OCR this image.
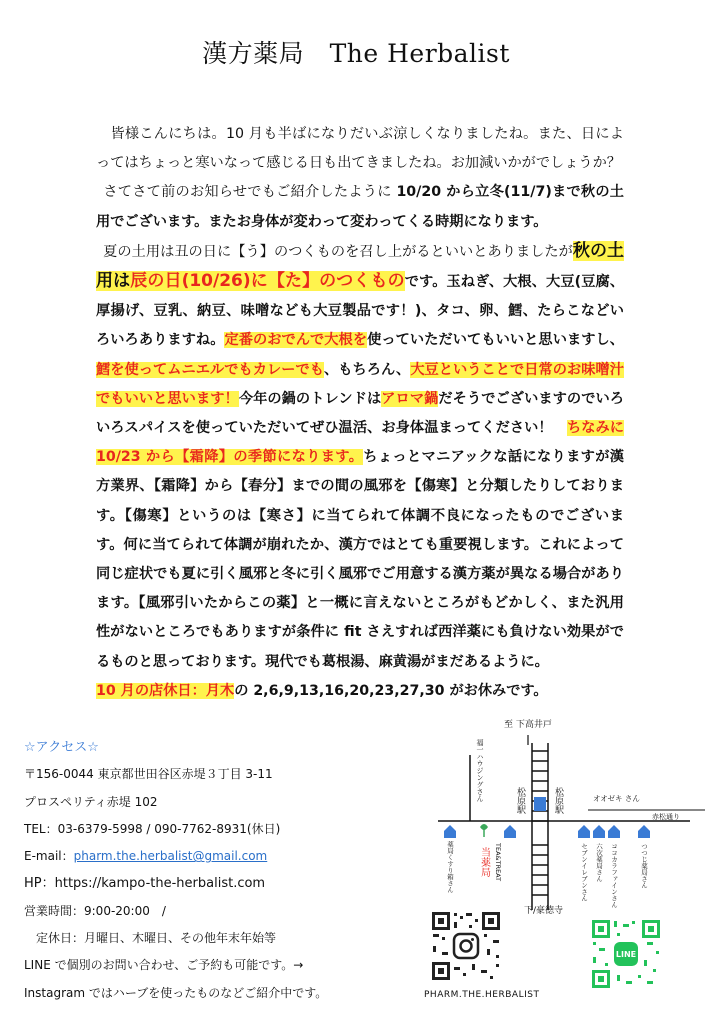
漢方薬局　The Herbalist

 皆様こんにちは。10 月も半ばになりだいぶ涼しくなりましたね。また、日によってはちょっと寒いなって感じる日も出てきましたね。お加減いかがでしょうか？

 さてさて前のお知らせでもご紹介したように 10/20 から立冬(11/7)まで秋の土用でございます。またお身体が変わって変わってくる時期になります。

 夏の土用は丑の日に【う】のつくものを召し上がるといいとありましたが秋の土用は辰の日(10/26)に【た】のつくものです。玉ねぎ、大根、大豆(豆腐、厚揚げ、豆乳、納豆、味噌なども大豆製品です！)、タコ、卵、鱈、たらこなどいろいろありますね。定番のおでんで大根を使っていただいてもいいと思いますし、鱈を使ってムニエルでもカレーでも、もちろん、大豆ということで日常のお味噌汁でもいいと思います！今年の鍋のトレンドはアロマ鍋だそうでございますのでいろいろスパイスを使っていただいてぜひ温活、お身体温まってください！　ちなみに 10/23 から【霜降】の季節になります。ちょっとマニアックな話になりますが漢方業界、【霜降】から【春分】までの間の風邪を【傷寒】と分類したりしております。【傷寒】というのは【寒さ】に当てられて体調不良になったものでございます。何に当てられて体調が崩れたか、漢方ではとても重要視します。これによって同じ症状でも夏に引く風邪と冬に引く風邪でご用意する漢方薬が異なる場合があります。【風邪引いたからこの薬】と一概に言えないところがもどかしく、また汎用性がないところでもありますが条件に fit さえすれば西洋薬にも負けない効果がでるものと思っております。現代でも葛根湯、麻黄湯がまだあるように。

10 月の店休日：月木の 2,6,9,13,16,20,23,27,30 がお休みです。

☆アクセス☆
〒156-0044 東京都世田谷区赤堤３丁目 3-11
プロスペリティ赤堤 102
TEL：03-6379-5998 / 090-7762-8931(休日)
E-mail：pharm.the.herbalist@gmail.com
HP：https://kampo-the-herbalist.com
営業時間：9:00-20:00　/
　定休日：月曜日、木曜日、その他年末年始等
LINE で個別のお問い合わせ、ご予約も可能です。→
Instagram ではハーブを使ったものなどご紹介中です。
至 下高井戸
松原駅	松原駅
福一ハウジングさん	オオゼキ さん
赤松通り
薬局くすり箱さん 当薬局 TEA&TREAT	セブンイレブンさん 六次薬局さん ココカラファインさん	つつじ薬局さん
下/豪徳寺
PHARM.THE.HERBALIST
LINE
